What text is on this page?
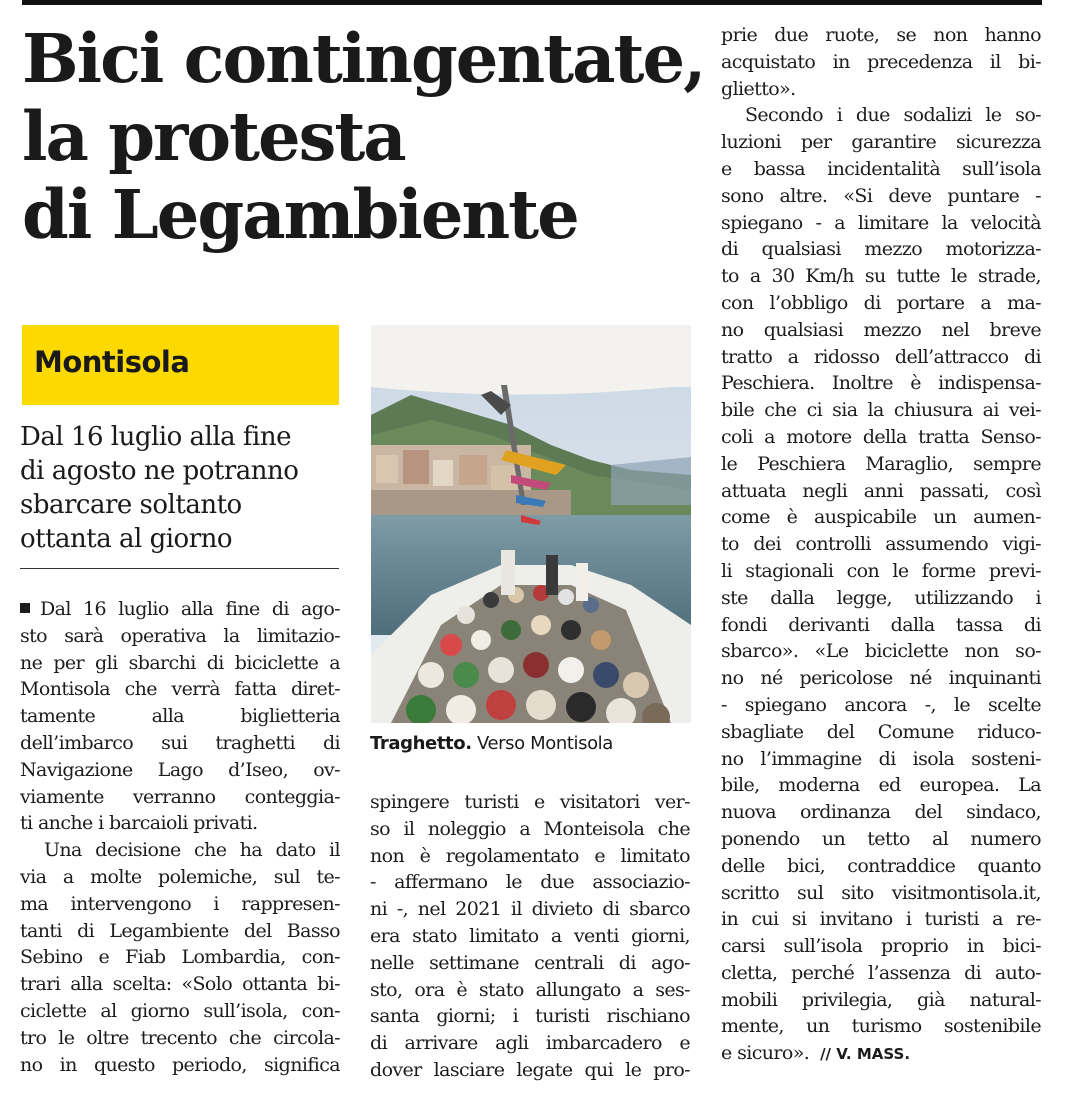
Bici contingentate,
la protesta
di Legambiente
Montisola
Dal 16 luglio alla fine
di agosto ne potranno
sbarcare soltanto
ottanta al giorno
Dal 16 luglio alla fine di ago-
sto sarà operativa la limitazio-
ne per gli sbarchi di biciclette a
Montisola che verrà fatta diret-
tamente alla biglietteria
dell’imbarco sui traghetti di
Navigazione Lago d’Iseo, ov-
viamente verranno conteggia-
ti anche i barcaioli privati.
Una decisione che ha dato il
via a molte polemiche, sul te-
ma intervengono i rappresen-
tanti di Legambiente del Basso
Sebino e Fiab Lombardia, con-
trari alla scelta: «Solo ottanta bi-
ciclette al giorno sull’isola, con-
tro le oltre trecento che circola-
no in questo periodo, significa
Traghetto. Verso Montisola
spingere turisti e visitatori ver-
so il noleggio a Monteisola che
non è regolamentato e limitato
- affermano le due associazio-
ni -, nel 2021 il divieto di sbarco
era stato limitato a venti giorni,
nelle settimane centrali di ago-
sto, ora è stato allungato a ses-
santa giorni; i turisti rischiano
di arrivare agli imbarcadero e
dover lasciare legate qui le pro-
prie due ruote, se non hanno
acquistato in precedenza il bi-
glietto».
Secondo i due sodalizi le so-
luzioni per garantire sicurezza
e bassa incidentalità sull’isola
sono altre. «Si deve puntare -
spiegano - a limitare la velocità
di qualsiasi mezzo motorizza-
to a 30 Km/h su tutte le strade,
con l’obbligo di portare a ma-
no qualsiasi mezzo nel breve
tratto a ridosso dell’attracco di
Peschiera. Inoltre è indispensa-
bile che ci sia la chiusura ai vei-
coli a motore della tratta Senso-
le Peschiera Maraglio, sempre
attuata negli anni passati, così
come è auspicabile un aumen-
to dei controlli assumendo vigi-
li stagionali con le forme previ-
ste dalla legge, utilizzando i
fondi derivanti dalla tassa di
sbarco». «Le biciclette non so-
no né pericolose né inquinanti
- spiegano ancora -, le scelte
sbagliate del Comune riduco-
no l’immagine di isola sosteni-
bile, moderna ed europea. La
nuova ordinanza del sindaco,
ponendo un tetto al numero
delle bici, contraddice quanto
scritto sul sito visitmontisola.it,
in cui si invitano i turisti a re-
carsi sull’isola proprio in bici-
cletta, perché l’assenza di auto-
mobili privilegia, già natural-
mente, un turismo sostenibile
e sicuro». // V. MASS.
